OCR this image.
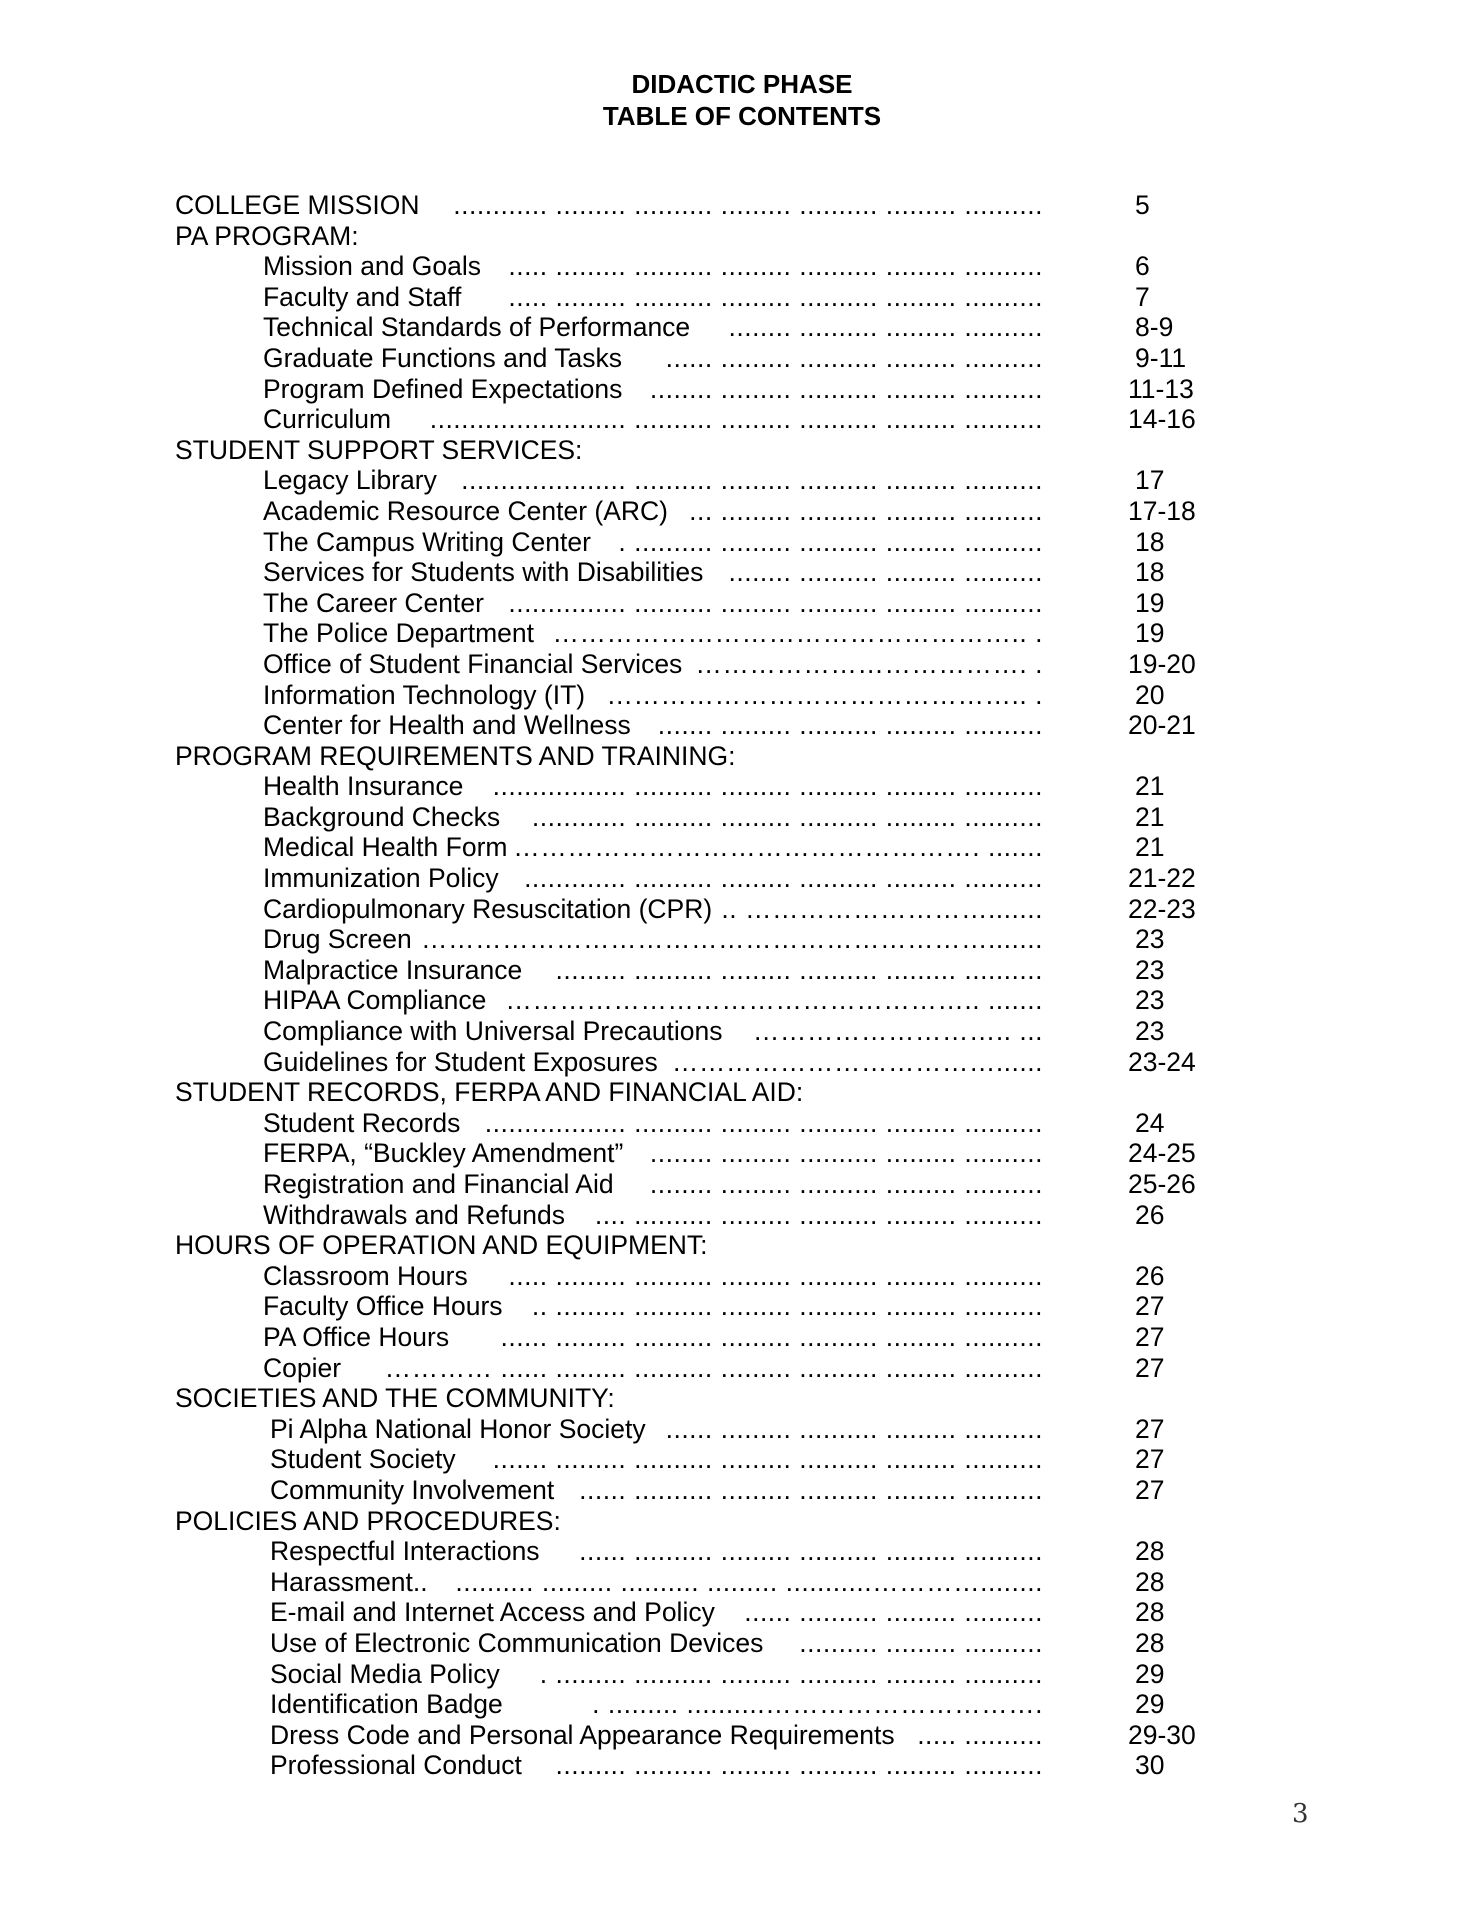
DIDACTIC PHASE
TABLE OF CONTENTS
COLLEGE MISSION ............ ......... .......... ......... .......... ......... ..........	5
PA PROGRAM:
Mission and Goals ..... ......... .......... ......... .......... ......... ..........	6
Faculty and Staff ..... ......... .......... ......... .......... ......... ..........	7
Technical Standards of Performance ........ .......... ......... ..........	8-9
Graduate Functions and Tasks ...... ......... .......... ......... ..........	9-11
Program Defined Expectations ........ ......... .......... ......... ..........	11-13
Curriculum ......................... .......... ......... .......... ......... ..........	14-16
STUDENT SUPPORT SERVICES:
Legacy Library ..................... .......... ......... .......... ......... ..........	17
Academic Resource Center (ARC) ... ......... .......... ......... ..........	17-18
The Campus Writing Center . .......... ......... .......... ......... ..........	18
Services for Students with Disabilities ........ .......... ......... ..........	18
The Career Center ............... .......... ......... .......... ......... ..........	19
The Police Department …………………………………………….. .	19
Office of Student Financial Services ………………………………. .	19-20
Information Technology (IT) ……………………………………….. .	20
Center for Health and Wellness ....... ......... .......... ......... ..........	20-21
PROGRAM REQUIREMENTS AND TRAINING:
Health Insurance ................. .......... ......... .......... ......... ..........	21
Background Checks ............ .......... ......... .......... ......... ..........	21
Medical Health Form ……………………………………………. .......	21
Immunization Policy ............. .......... ......... .......... ......... ..........	21-22
Cardiopulmonary Resuscitation (CPR) .. ……………………….......	22-23
Drug Screen ……………………………………………………….......	23
Malpractice Insurance ......... .......... ......... .......... ......... ..........	23
HIPAA Compliance …………………………………………….. .......	23
Compliance with Universal Precautions ……………………….. ...	23
Guidelines for Student Exposures ………………………………......	23-24
STUDENT RECORDS, FERPA AND FINANCIAL AID:
Student Records .................. .......... ......... .......... ......... ..........	24
FERPA, “Buckley Amendment” ........ ......... .......... ......... ..........	24-25
Registration and Financial Aid ........ ......... .......... ......... ..........	25-26
Withdrawals and Refunds .... .......... ......... .......... ......... ..........	26
HOURS OF OPERATION AND EQUIPMENT:
Classroom Hours ..... ......... .......... ......... .......... ......... ..........	26
Faculty Office Hours .. ......... .......... ......... .......... ......... ..........	27
PA Office Hours ...... ......... .......... ......... .......... ......... ..........	27
Copier ………… ...... ......... .......... ......... .......... ......... ..........	27
SOCIETIES AND THE COMMUNITY:
Pi Alpha National Honor Society ...... ......... .......... ......... ..........	27
Student Society ....... ......... .......... ......... .......... ......... ..........	27
Community Involvement ...... .......... ......... .......... ......... ..........	27
POLICIES AND PROCEDURES:
Respectful Interactions ...... .......... ......... .......... ......... ..........	28
Harassment.. .......... ......... .......... ......... ...........…………........	28
E-mail and Internet Access and Policy ...... .......... ......... ..........	28
Use of Electronic Communication Devices .......... ......... ..........	28
Social Media Policy . ......... .......... ......... .......... ......... ..........	29
Identification Badge	. ......... ..........………………………….	29
Dress Code and Personal Appearance Requirements ..... ..........	29-30
Professional Conduct ......... .......... ......... .......... ......... ..........	30
3
